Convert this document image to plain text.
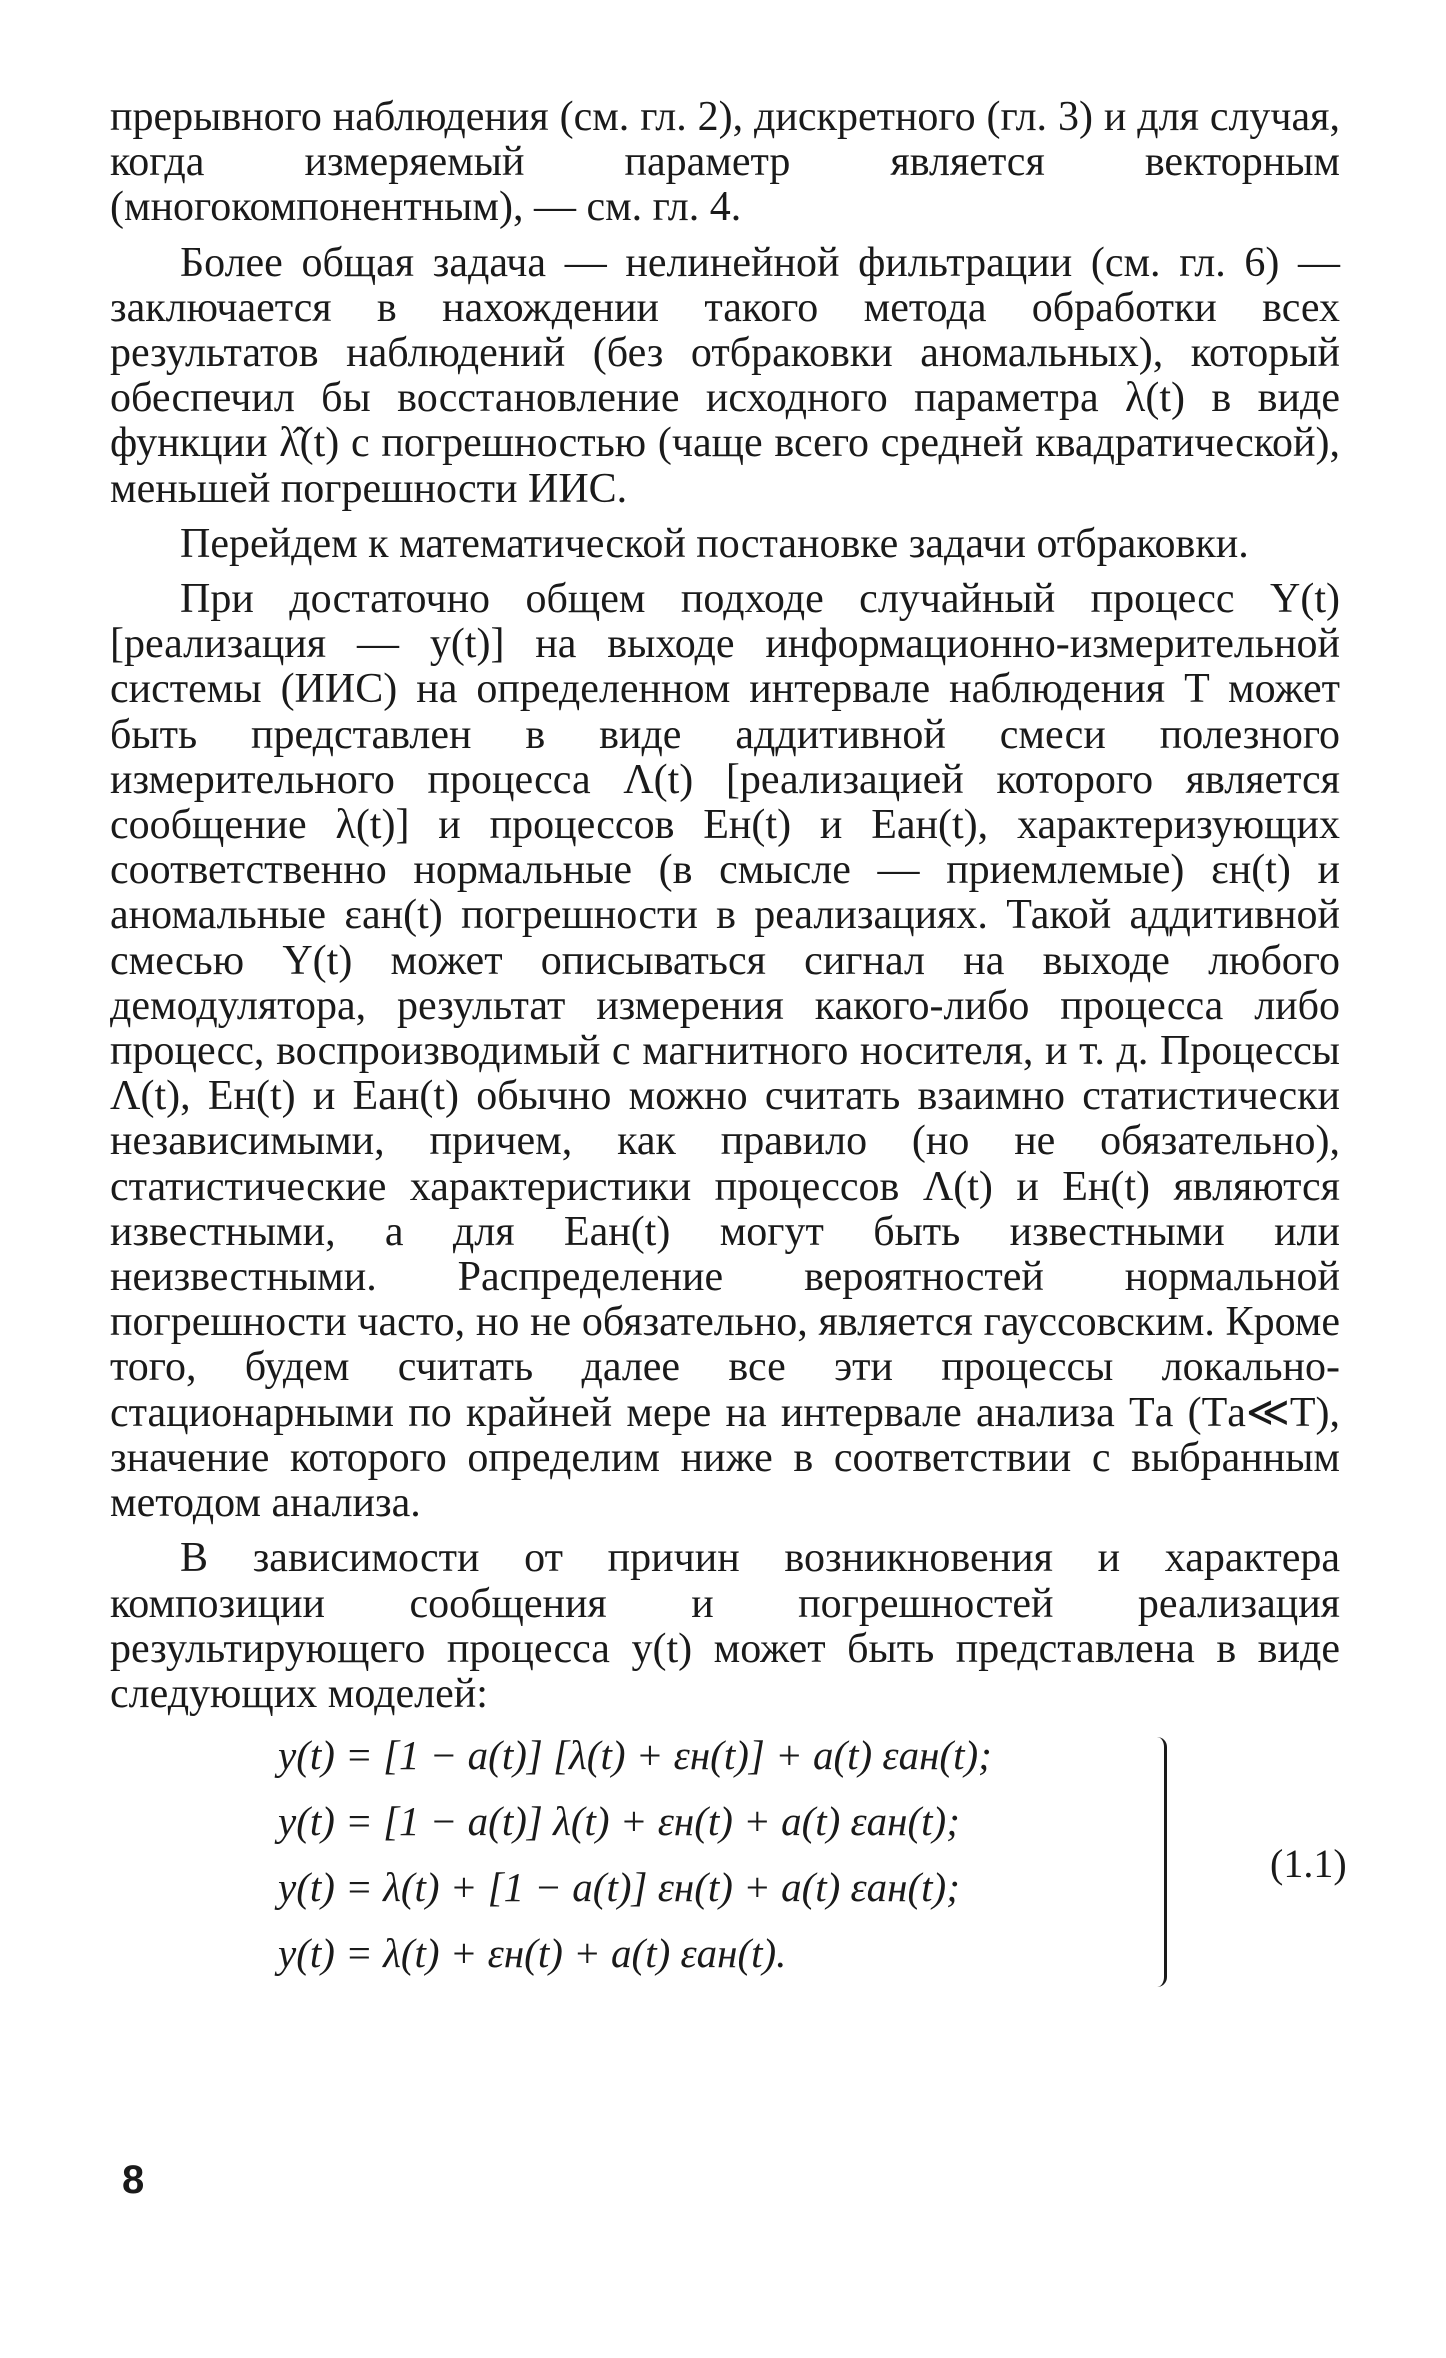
прерывного наблюдения (см. гл. 2), дискретного (гл. 3) и для случая, когда измеряемый параметр является векторным (многокомпонентным), — см. гл. 4.

Более общая задача — нелинейной фильтрации (см. гл. 6) — заключается в нахождении такого метода обработки всех результатов наблюдений (без отбраковки аномальных), который обеспечил бы восстановление исходного параметра λ(t) в виде функции λ̂(t) с погрешностью (чаще всего средней квадратической), меньшей погрешности ИИС.

Перейдем к математической постановке задачи отбраковки.

При достаточно общем подходе случайный процесс Y(t) [реализация — y(t)] на выходе информационно-измерительной системы (ИИС) на определенном интервале наблюдения T может быть представлен в виде аддитивной смеси полезного измерительного процесса Λ(t) [реализацией которого является сообщение λ(t)] и процессов Eн(t) и Eан(t), характеризующих соответственно нормальные (в смысле — приемлемые) εн(t) и аномальные εан(t) погрешности в реализациях. Такой аддитивной смесью Y(t) может описываться сигнал на выходе любого демодулятора, результат измерения какого-либо процесса либо процесс, воспроизводимый с магнитного носителя, и т. д. Процессы Λ(t), Eн(t) и Eан(t) обычно можно считать взаимно статистически независимыми, причем, как правило (но не обязательно), статистические характеристики процессов Λ(t) и Eн(t) являются известными, а для Eан(t) могут быть известными или неизвестными. Распределение вероятностей нормальной погрешности часто, но не обязательно, является гауссовским. Кроме того, будем считать далее все эти процессы локально-стационарными по крайней мере на интервале анализа Tа (Tа≪T), значение которого определим ниже в соответствии с выбранным методом анализа.

В зависимости от причин возникновения и характера композиции сообщения и погрешностей реализация результирующего процесса y(t) может быть представлена в виде следующих моделей:

y(t) = [1 − a(t)] [λ(t) + εн(t)] + a(t) εан(t);
y(t) = [1 − a(t)] λ(t) + εн(t) + a(t) εан(t);
y(t) = λ(t) + [1 − a(t)] εн(t) + a(t) εан(t);
y(t) = λ(t) + εн(t) + a(t) εан(t).
(1.1)
8
